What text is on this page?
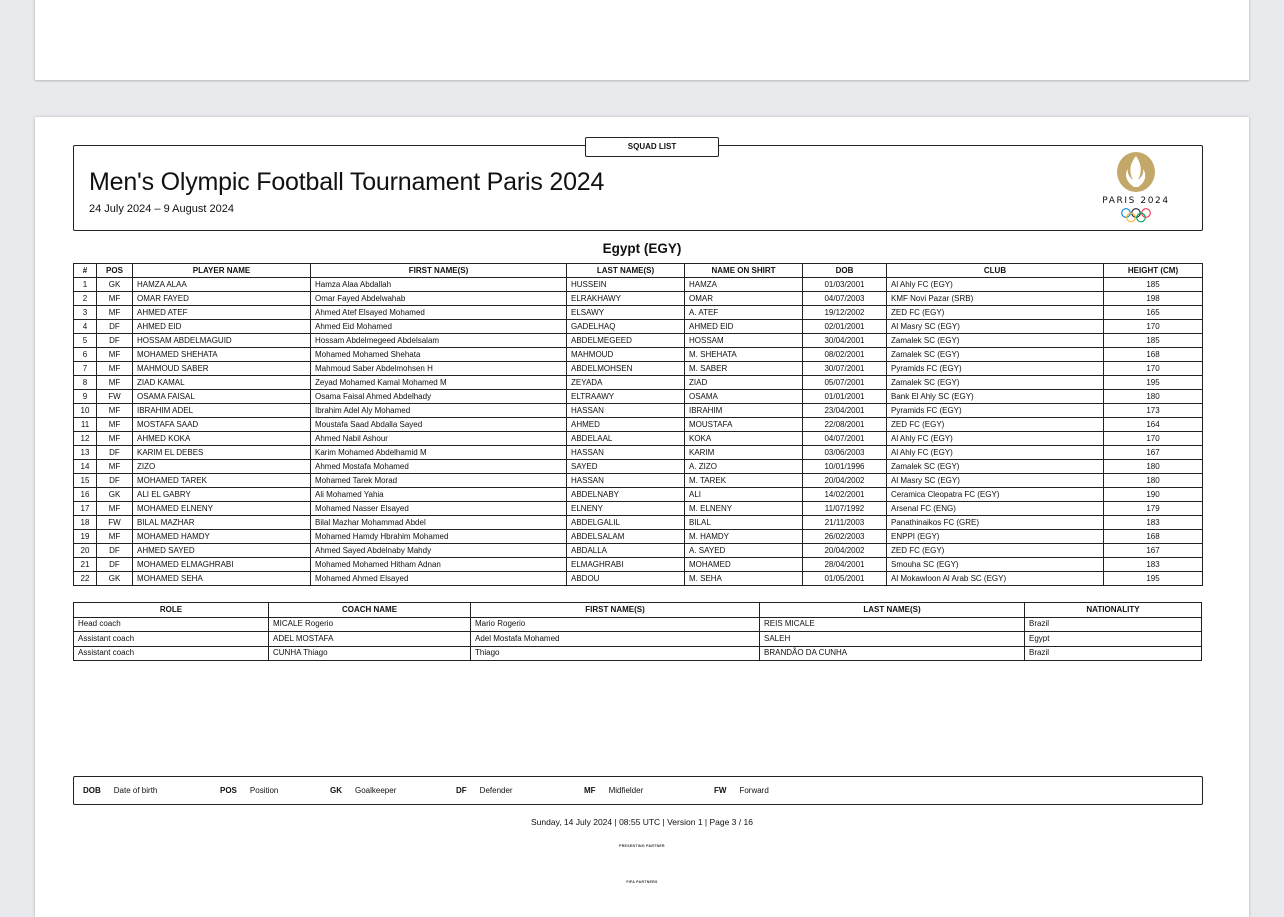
Men's Olympic Football Tournament Paris 2024
24 July 2024 – 9 August 2024
PARIS 2024
SQUAD LIST
Egypt (EGY)
#	POS	PLAYER NAME	FIRST NAME(S)	LAST NAME(S)	NAME ON SHIRT	DOB	CLUB	HEIGHT (CM)
1	GK	HAMZA ALAA	Hamza Alaa Abdallah	HUSSEIN	HAMZA	01/03/2001	Al Ahly FC (EGY)	185
2	MF	OMAR FAYED	Omar Fayed Abdelwahab	ELRAKHAWY	OMAR	04/07/2003	KMF Novi Pazar (SRB)	198
3	MF	AHMED ATEF	Ahmed Atef Elsayed Mohamed	ELSAWY	A. ATEF	19/12/2002	ZED FC (EGY)	165
4	DF	AHMED EID	Ahmed Eid Mohamed	GADELHAQ	AHMED EID	02/01/2001	Al Masry SC (EGY)	170
5	DF	HOSSAM ABDELMAGUID	Hossam Abdelmegeed Abdelsalam	ABDELMEGEED	HOSSAM	30/04/2001	Zamalek SC (EGY)	185
6	MF	MOHAMED SHEHATA	Mohamed Mohamed Shehata	MAHMOUD	M. SHEHATA	08/02/2001	Zamalek SC (EGY)	168
7	MF	MAHMOUD SABER	Mahmoud Saber Abdelmohsen H	ABDELMOHSEN	M. SABER	30/07/2001	Pyramids FC (EGY)	170
8	MF	ZIAD KAMAL	Zeyad Mohamed Kamal Mohamed M	ZEYADA	ZIAD	05/07/2001	Zamalek SC (EGY)	195
9	FW	OSAMA FAISAL	Osama Faisal Ahmed Abdelhady	ELTRAAWY	OSAMA	01/01/2001	Bank El Ahly SC (EGY)	180
10	MF	IBRAHIM ADEL	Ibrahim Adel Aly Mohamed	HASSAN	IBRAHIM	23/04/2001	Pyramids FC (EGY)	173
11	MF	MOSTAFA SAAD	Moustafa Saad Abdalla Sayed	AHMED	MOUSTAFA	22/08/2001	ZED FC (EGY)	164
12	MF	AHMED KOKA	Ahmed Nabil Ashour	ABDELAAL	KOKA	04/07/2001	Al Ahly FC (EGY)	170
13	DF	KARIM EL DEBES	Karim Mohamed Abdelhamid M	HASSAN	KARIM	03/06/2003	Al Ahly FC (EGY)	167
14	MF	ZIZO	Ahmed Mostafa Mohamed	SAYED	A. ZIZO	10/01/1996	Zamalek SC (EGY)	180
15	DF	MOHAMED TAREK	Mohamed Tarek Morad	HASSAN	M. TAREK	20/04/2002	Al Masry SC (EGY)	180
16	GK	ALI EL GABRY	Ali Mohamed Yahia	ABDELNABY	ALI	14/02/2001	Ceramica Cleopatra FC (EGY)	190
17	MF	MOHAMED ELNENY	Mohamed Nasser Elsayed	ELNENY	M. ELNENY	11/07/1992	Arsenal FC (ENG)	179
18	FW	BILAL MAZHAR	Bilal Mazhar Mohammad Abdel	ABDELGALIL	BILAL	21/11/2003	Panathinaikos FC (GRE)	183
19	MF	MOHAMED HAMDY	Mohamed Hamdy Hbrahim Mohamed	ABDELSALAM	M. HAMDY	26/02/2003	ENPPI (EGY)	168
20	DF	AHMED SAYED	Ahmed Sayed Abdelnaby Mahdy	ABDALLA	A. SAYED	20/04/2002	ZED FC (EGY)	167
21	DF	MOHAMED ELMAGHRABI	Mohamed Mohamed Hitham Adnan	ELMAGHRABI	MOHAMED	28/04/2001	Smouha SC (EGY)	183
22	GK	MOHAMED SEHA	Mohamed Ahmed Elsayed	ABDOU	M. SEHA	01/05/2001	Al Mokawloon Al Arab SC (EGY)	195
ROLE	COACH NAME	FIRST NAME(S)	LAST NAME(S)	NATIONALITY
Head coach	MICALE Rogerio	Mario Rogerio	REIS MICALE	Brazil
Assistant coach	ADEL MOSTAFA	Adel Mostafa Mohamed	SALEH	Egypt
Assistant coach	CUNHA Thiago	Thiago	BRANDÃO DA CUNHA	Brazil
DOB Date of birth	POS Position	GK Goalkeeper	DF Defender	MF Midfielder	FW Forward
Sunday, 14 July 2024 | 08:55 UTC | Version 1 | Page 3 / 16
PRESENTING PARTNER
FIFA PARTNERS
